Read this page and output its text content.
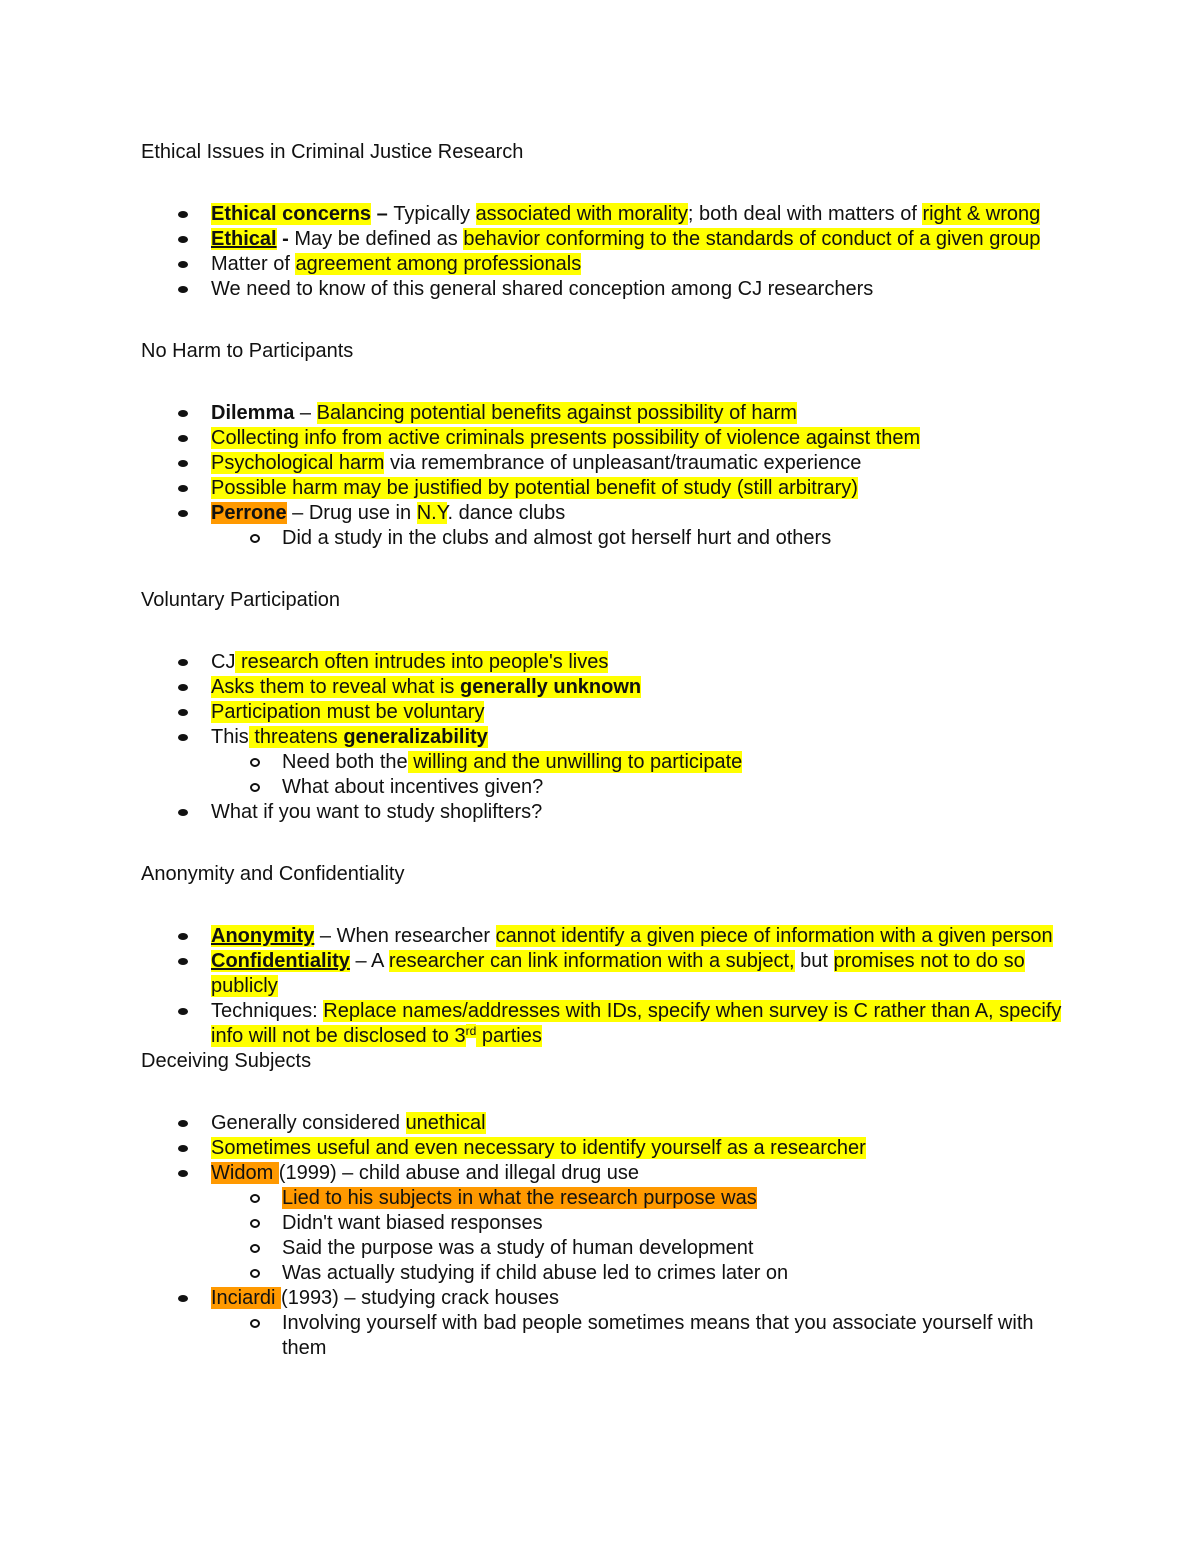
Ethical Issues in Criminal Justice Research

Ethical concerns – Typically associated with morality; both deal with matters of right & wrong
Ethical - May be defined as behavior conforming to the standards of conduct of a given group
Matter of agreement among professionals
We need to know of this general shared conception among CJ researchers

No Harm to Participants

Dilemma – Balancing potential benefits against possibility of harm
Collecting info from active criminals presents possibility of violence against them
Psychological harm via remembrance of unpleasant/traumatic experience
Possible harm may be justified by potential benefit of study (still arbitrary)
Perrone – Drug use in N.Y. dance clubs
Did a study in the clubs and almost got herself hurt and others

Voluntary Participation

CJ research often intrudes into people's lives
Asks them to reveal what is generally unknown
Participation must be voluntary
This threatens generalizability
Need both the willing and the unwilling to participate
What about incentives given?
What if you want to study shoplifters?

Anonymity and Confidentiality

Anonymity – When researcher cannot identify a given piece of information with a given person
Confidentiality – A researcher can link information with a subject, but promises not to do so publicly
Techniques: Replace names/addresses with IDs, specify when survey is C rather than A, specify info will not be disclosed to 3rd parties

Deceiving Subjects

Generally considered unethical
Sometimes useful and even necessary to identify yourself as a researcher
Widom (1999) – child abuse and illegal drug use
Lied to his subjects in what the research purpose was
Didn't want biased responses
Said the purpose was a study of human development
Was actually studying if child abuse led to crimes later on
Inciardi (1993) – studying crack houses
Involving yourself with bad people sometimes means that you associate yourself with them
